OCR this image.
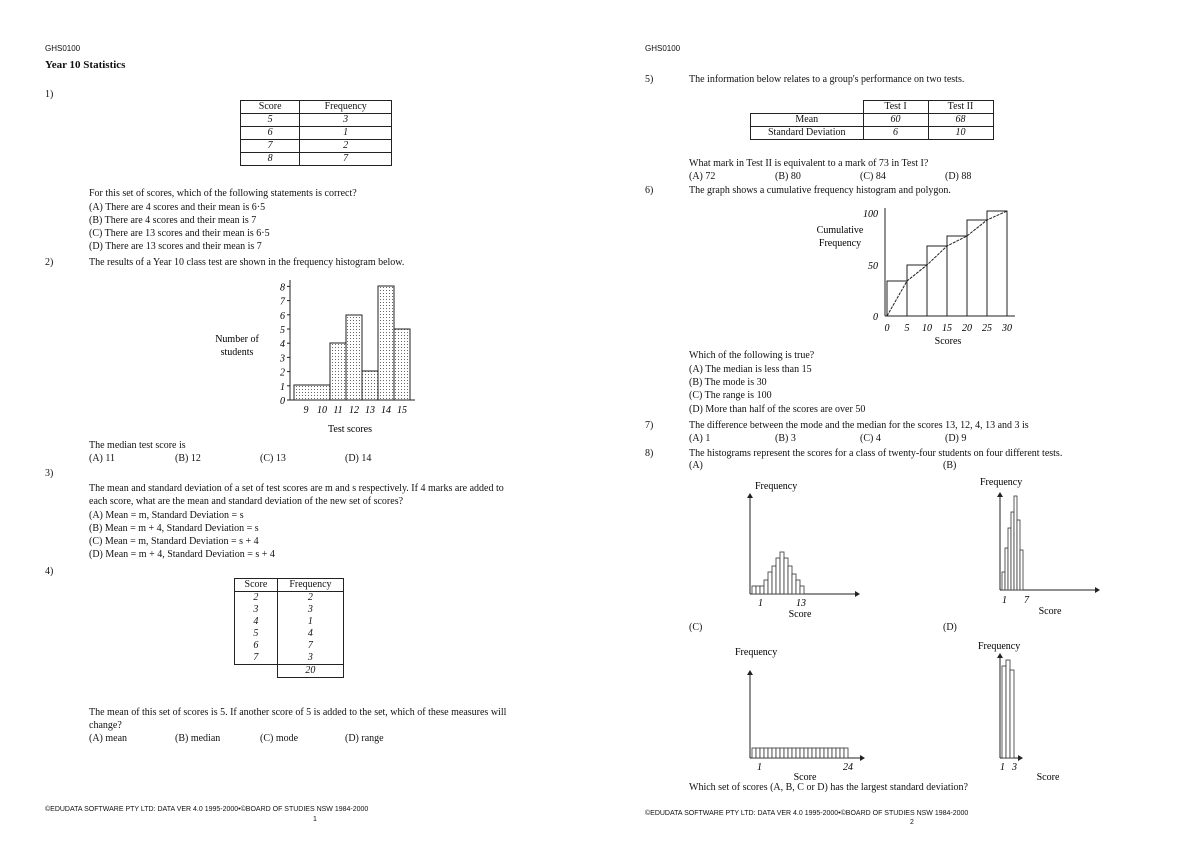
GHS0100
Year 10 Statistics
1)
Score	Frequency
5	3
6	1
7	2
8	7
For this set of scores, which of the following statements is correct?
(A) There are 4 scores and their mean is 6·5
(B) There are 4 scores and their mean is 7
(C) There are 13 scores and their mean is 6·5
(D) There are 13 scores and their mean is 7
2)	The results of a Year 10 class test are shown in the frequency histogram below.
Number of
students
0
1
2
3
4
5
6
7
8
9 10 11 12 13 14 15
Test scores
The median test score is
(A) 11	(B) 12	(C) 13	(D) 14
3)
The mean and standard deviation of a set of test scores are m and s respectively. If 4 marks are added to
each score, what are the mean and standard deviation of the new set of scores?
(A) Mean = m, Standard Deviation = s
(B) Mean = m + 4, Standard Deviation = s
(C) Mean = m, Standard Deviation = s + 4
(D) Mean = m + 4, Standard Deviation = s + 4
4)
Score	Frequency
2	2
3	3
4	1
5	4
6	7
7	3
	20
The mean of this set of scores is 5. If another score of 5 is added to the set, which of these measures will
change?
(A) mean	(B) median	(C) mode	(D) range
©EDUDATA SOFTWARE PTY LTD: DATA VER 4.0 1995-2000•©BOARD OF STUDIES NSW 1984-2000
1
GHS0100
5)	The information below relates to a group's performance on two tests.
	Test I	Test II
Mean	60	68
Standard Deviation	6	10
What mark in Test II is equivalent to a mark of 73 in Test I?
(A) 72	(B) 80	(C) 84	(D) 88
6)	The graph shows a cumulative frequency histogram and polygon.
Cumulative
Frequency
100
50
0
0 5 10 15 20 25 30
Scores
Which of the following is true?
(A) The median is less than 15
(B) The mode is 30
(C) The range is 100
(D) More than half of the scores are over 50
7)	The difference between the mode and the median for the scores 13, 12, 4, 13 and 3 is
(A) 1	(B) 3	(C) 4	(D) 9
8)	The histograms represent the scores for a class of twenty-four students on four different tests.
(A)
Frequency
1	13
Score
(B)
Frequency
1 7
Score
(C)
Frequency
1	24
Score
(D)
Frequency
1 3
Score
Which set of scores (A, B, C or D) has the largest standard deviation?
©EDUDATA SOFTWARE PTY LTD: DATA VER 4.0 1995-2000•©BOARD OF STUDIES NSW 1984-2000
2
